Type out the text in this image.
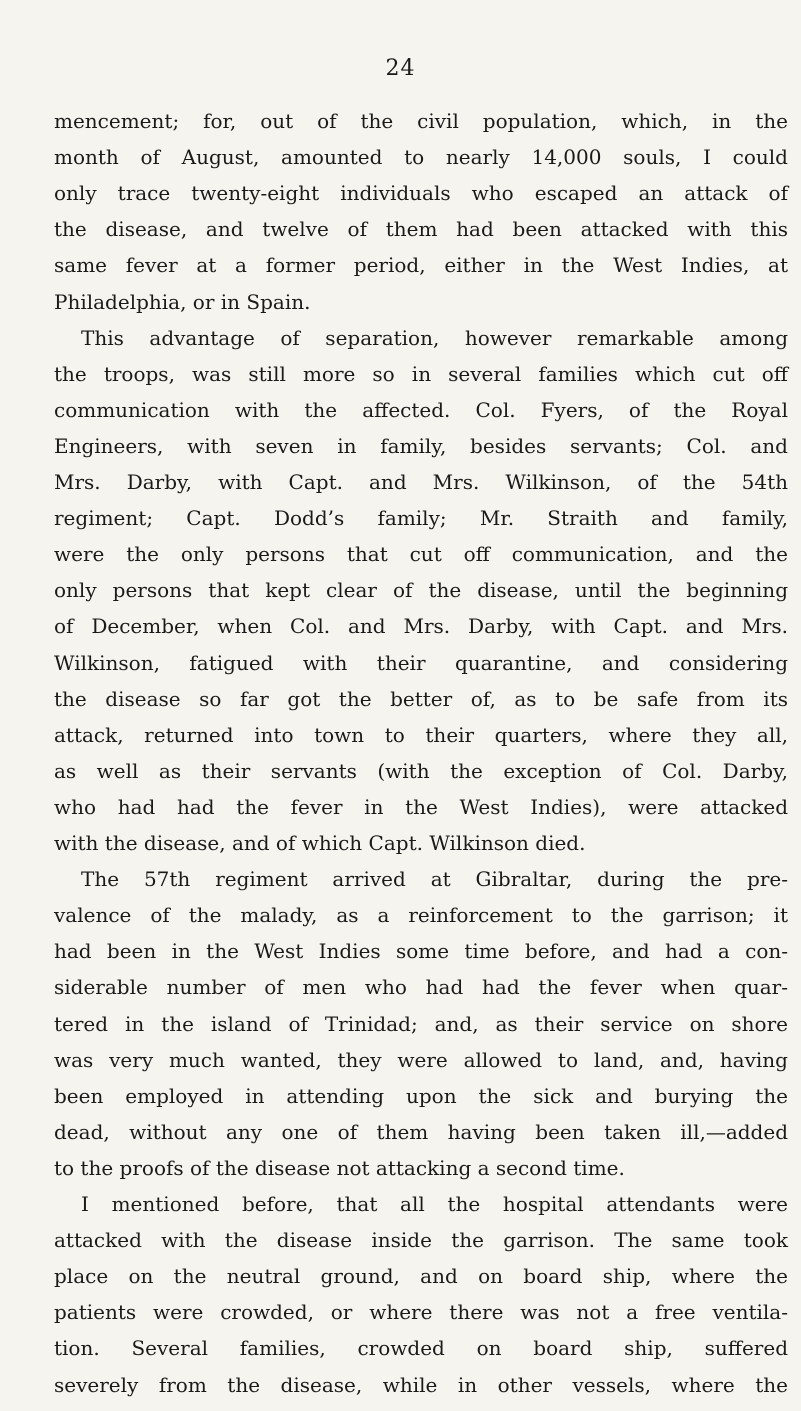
24
mencement; for, out of the civil population, which, in the
month of August, amounted to nearly 14,000 souls, I could
only trace twenty-eight individuals who escaped an attack of
the disease, and twelve of them had been attacked with this
same fever at a former period, either in the West Indies, at
Philadelphia, or in Spain.
This advantage of separation, however remarkable among
the troops, was still more so in several families which cut off
communication with the affected. Col. Fyers, of the Royal
Engineers, with seven in family, besides servants; Col. and
Mrs. Darby, with Capt. and Mrs. Wilkinson, of the 54th
regiment; Capt. Dodd’s family; Mr. Straith and family,
were the only persons that cut off communication, and the
only persons that kept clear of the disease, until the beginning
of December, when Col. and Mrs. Darby, with Capt. and Mrs.
Wilkinson, fatigued with their quarantine, and considering
the disease so far got the better of, as to be safe from its
attack, returned into town to their quarters, where they all,
as well as their servants (with the exception of Col. Darby,
who had had the fever in the West Indies), were attacked
with the disease, and of which Capt. Wilkinson died.
The 57th regiment arrived at Gibraltar, during the pre-
valence of the malady, as a reinforcement to the garrison; it
had been in the West Indies some time before, and had a con-
siderable number of men who had had the fever when quar-
tered in the island of Trinidad; and, as their service on shore
was very much wanted, they were allowed to land, and, having
been employed in attending upon the sick and burying the
dead, without any one of them having been taken ill,—added
to the proofs of the disease not attacking a second time.
I mentioned before, that all the hospital attendants were
attacked with the disease inside the garrison. The same took
place on the neutral ground, and on board ship, where the
patients were crowded, or where there was not a free ventila-
tion. Several families, crowded on board ship, suffered
severely from the disease, while in other vessels, where the
